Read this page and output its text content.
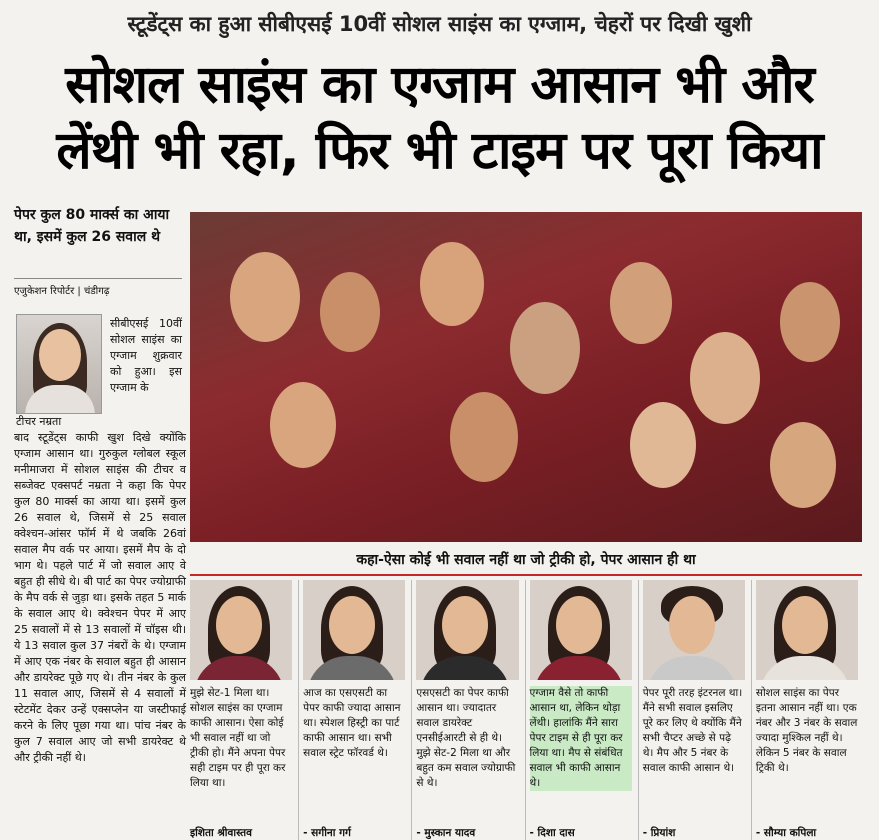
स्टूडेंट्स का हुआ सीबीएसई 10वीं सोशल साइंस का एग्जाम, चेहरों पर दिखी खुशी
सोशल साइंस का एग्जाम आसान भी और
लेंथी भी रहा, फिर भी टाइम पर पूरा किया
पेपर कुल 80 मार्क्स का आया था, इसमें कुल 26 सवाल थे
एजुकेशन रिपोर्टर | चंडीगढ़
टीचर नम्रता
सीबीएसई 10वीं सोशल साइंस का एग्जाम शुक्रवार को हुआ। इस एग्जाम के
बाद स्टूडेंट्स काफी खुश दिखे क्योंकि एग्जाम आसान था। गुरुकुल ग्लोबल स्कूल मनीमाजरा में सोशल साइंस की टीचर व सब्जेक्ट एक्सपर्ट नम्रता ने कहा कि पेपर कुल 80 मार्क्स का आया था। इसमें कुल 26 सवाल थे, जिसमें से 25 सवाल क्वेश्चन-आंसर फॉर्म में थे जबकि 26वां सवाल मैप वर्क पर आया। इसमें मैप के दो भाग थे। पहले पार्ट में जो सवाल आए वे बहुत ही सीधे थे। बी पार्ट का पेपर ज्योग्राफी के मैप वर्क से जुड़ा था। इसके तहत 5 मार्क के सवाल आए थे। क्वेश्चन पेपर में आए 25 सवालों में से 13 सवालों में चॉइस थी। ये 13 सवाल कुल 37 नंबरों के थे। एग्जाम में आए एक नंबर के सवाल बहुत ही आसान और डायरेक्ट पूछे गए थे। तीन नंबर के कुल 11 सवाल आए, जिसमें से 4 सवालों में स्टेटमेंट देकर उन्हें एक्सप्लेन या जस्टीफाई करने के लिए पूछा गया था। पांच नंबर के कुल 7 सवाल आए जो सभी डायरेक्ट थे और ट्रीकी नहीं थे।
कहा-ऐसा कोई भी सवाल नहीं था जो ट्रीकी हो, पेपर आसान ही था
मुझे सेट-1 मिला था। सोशल साइंस का एग्जाम काफी आसान। ऐसा कोई भी सवाल नहीं था जो ट्रीकी हो। मैंने अपना पेपर सही टाइम पर ही पूरा कर लिया था।
इशिता श्रीवास्तव
आज का एसएसटी का पेपर काफी ज्यादा आसान था। स्पेशल हिस्ट्री का पार्ट काफी आसान था। सभी सवाल स्ट्रेट फॉरवर्ड थे।
- सगीना गर्ग
एसएसटी का पेपर काफी आसान था। ज्यादातर सवाल डायरेक्ट एनसीईआरटी से ही थे। मुझे सेट-2 मिला था और बहुत कम सवाल ज्योग्राफी से थे।
- मुस्कान यादव
एग्जाम वैसे तो काफी आसान था, लेकिन थोड़ा लेंथी। हालांकि मैंने सारा पेपर टाइम से ही पूरा कर लिया था। मैप से संबंधित सवाल भी काफी आसान थे।
- दिशा दास
पेपर पूरी तरह इंटरनल था। मैंने सभी सवाल इसलिए पूरे कर लिए थे क्योंकि मैंने सभी चैप्टर अच्छे से पढ़े थे। मैप और 5 नंबर के सवाल काफी आसान थे।
- प्रियांश
सोशल साइंस का पेपर इतना आसान नहीं था। एक नंबर और 3 नंबर के सवाल ज्यादा मुश्किल नहीं थे। लेकिन 5 नंबर के सवाल ट्रिकी थे।
- सौम्या कपिला
